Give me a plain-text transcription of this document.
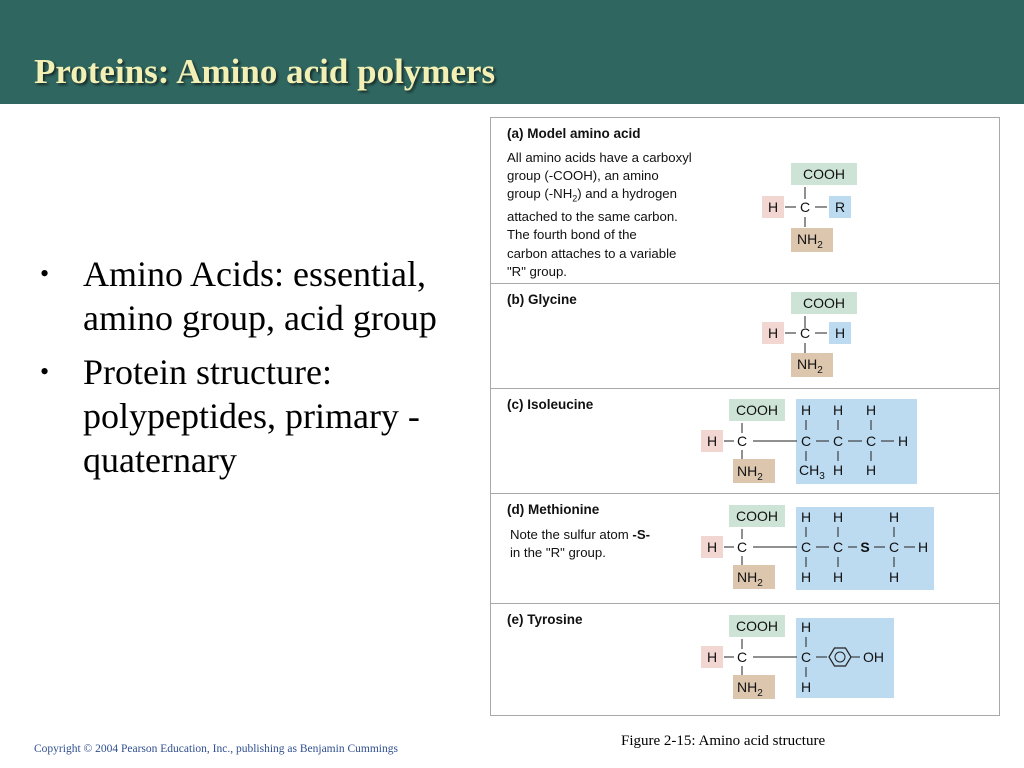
Proteins: Amino acid polymers
• Amino Acids: essential, amino group, acid group
• Protein structure: polypeptides, primary - quaternary
(a) Model amino acid
All amino acids have a carboxyl
group (-COOH), an amino
group $(-NH_2)$ and a hydrogen
attached to the same carbon.
The fourth bond of the
carbon attaches to a variable
"R" group.
COOH
H C R
$NH_2$
(b) Glycine	COOH
H C H
$NH_2$
(c) Isoleucine	COOH
H C
$NH_2$
H H H
C C C H
$CH_3$ H H
(d) Methionine
Note the sulfur atom -S-
in the "R" group.
COOH
H C
$NH_2$
H H	H
C C S C H
H H	H
(e) Tyrosine	COOH
H C
$NH_2$
H
C	OH
H
Figure 2-15: Amino acid structure
Copyright © 2004 Pearson Education, Inc., publishing as Benjamin Cummings
